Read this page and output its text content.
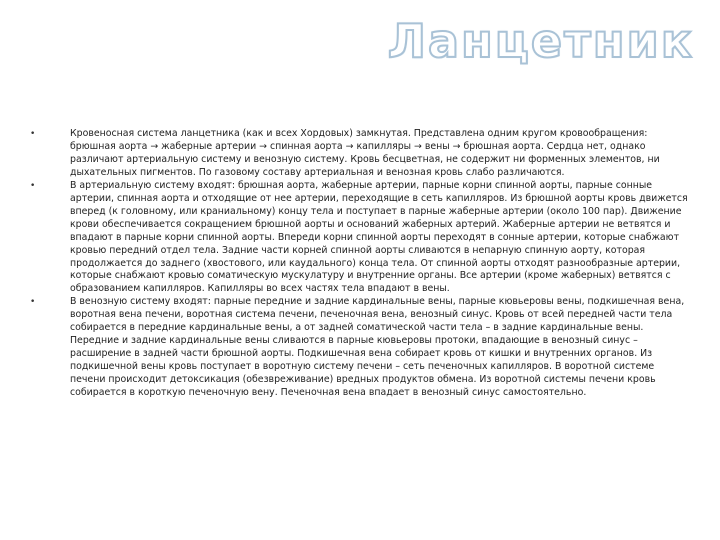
Ланцетник
•	Кровеносная система ланцетника (как и всех Хордовых) замкнутая. Представлена одним кругом кровообращения: брюшная аорта → жаберные артерии → спинная аорта → капилляры → вены → брюшная аорта. Сердца нет, однако различают артериальную систему и венозную систему. Кровь бесцветная, не содержит ни форменных элементов, ни дыхательных пигментов. По газовому составу артериальная и венозная кровь слабо различаются.
•	В артериальную систему входят: брюшная аорта, жаберные артерии, парные корни спинной аорты, парные сонные артерии, спинная аорта и отходящие от нее артерии, переходящие в сеть капилляров. Из брюшной аорты кровь движется вперед (к головному, или краниальному) концу тела и поступает в парные жаберные артерии (около 100 пар). Движение крови обеспечивается сокращением брюшной аорты и оснований жаберных артерий. Жаберные артерии не ветвятся и впадают в парные корни спинной аорты. Впереди корни спинной аорты переходят в сонные артерии, которые снабжают кровью передний отдел тела. Задние части корней спинной аорты сливаются в непарную спинную аорту, которая продолжается до заднего (хвостового, или каудального) конца тела. От спинной аорты отходят разнообразные артерии, которые снабжают кровью соматическую мускулатуру и внутренние органы. Все артерии (кроме жаберных) ветвятся с образованием капилляров. Капилляры во всех частях тела впадают в вены.
•	В венозную систему входят: парные передние и задние кардинальные вены, парные кювьеровы вены, подкишечная вена, воротная вена печени, воротная система печени, печеночная вена, венозный синус. Кровь от всей передней части тела собирается в передние кардинальные вены, а от задней соматической части тела – в задние кардинальные вены. Передние и задние кардинальные вены сливаются в парные кювьеровы протоки, впадающие в венозный синус – расширение в задней части брюшной аорты. Подкишечная вена собирает кровь от кишки и внутренних органов. Из подкишечной вены кровь поступает в воротную систему печени – сеть печеночных капилляров. В воротной системе печени происходит детоксикация (обезвреживание) вредных продуктов обмена. Из воротной системы печени кровь собирается в короткую печеночную вену. Печеночная вена впадает в венозный синус самостоятельно.
